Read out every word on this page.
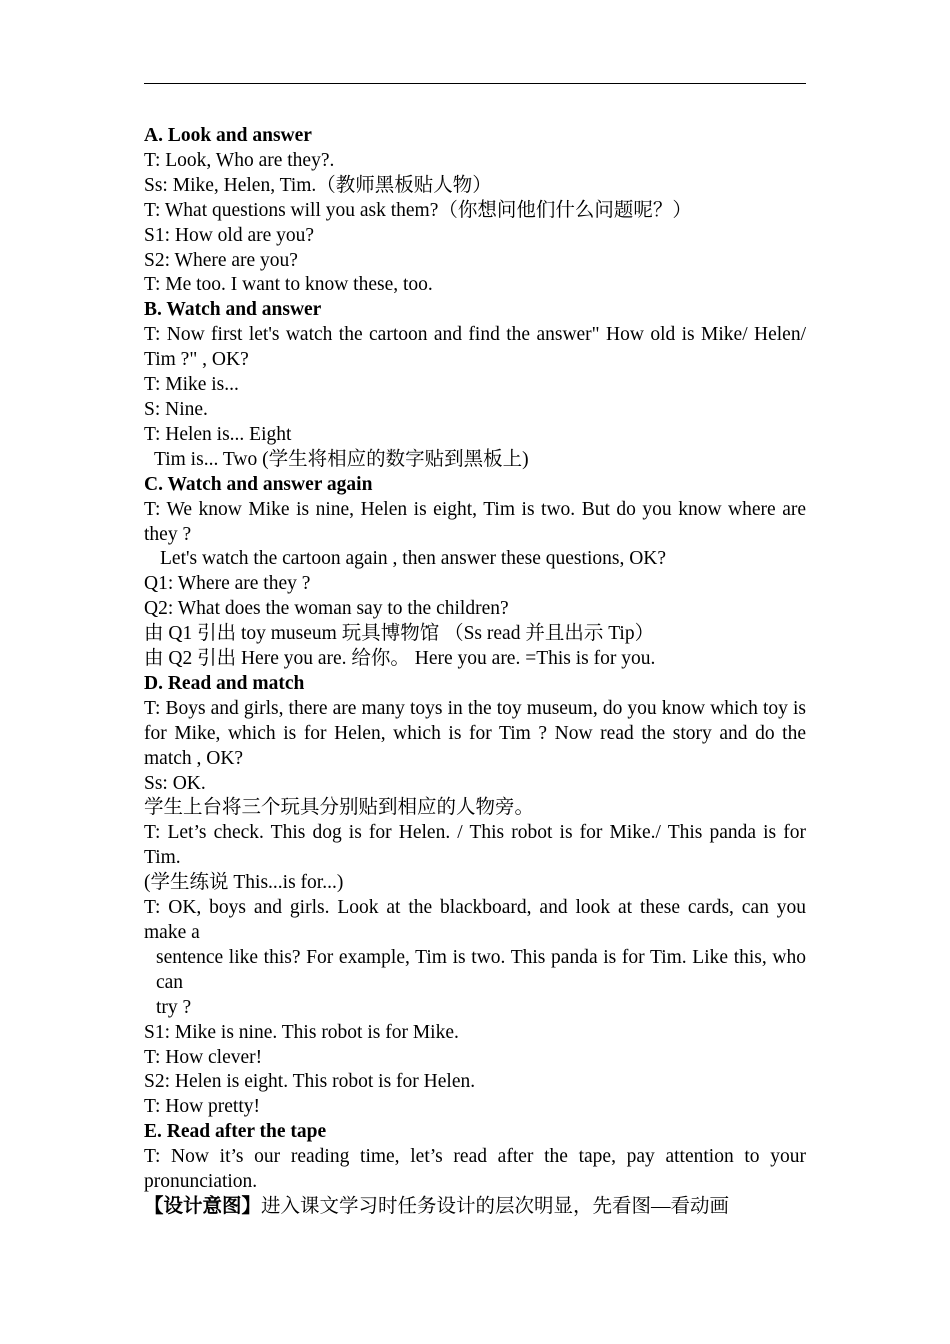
A. Look and answer
T: Look, Who are they?.
Ss: Mike, Helen, Tim.（教师黑板贴人物）
T: What questions will you ask them?（你想问他们什么问题呢？）
S1: How old are you?
S2: Where are you?
T: Me too. I want to know these, too.
B. Watch and answer
T: Now first let's watch the cartoon and find the answer" How old is Mike/ Helen/ Tim ?" , OK?
T: Mike is...
S: Nine.
T: Helen is... Eight
Tim is... Two (学生将相应的数字贴到黑板上)
C. Watch and answer again
T: We know Mike is nine, Helen is eight, Tim is two. But do you know where are they ?
Let's watch the cartoon again , then answer these questions, OK?
Q1: Where are they ?
Q2: What does the woman say to the children?
由 Q1 引出 toy museum 玩具博物馆 （Ss read 并且出示 Tip）
由 Q2 引出 Here you are. 给你。 Here you are. =This is for you.
D. Read and match
T: Boys and girls, there are many toys in the toy museum, do you know which toy is for Mike, which is for Helen, which is for Tim ? Now read the story and do the match , OK?
Ss: OK.
学生上台将三个玩具分别贴到相应的人物旁。
T: Let’s check. This dog is for Helen. / This robot is for Mike./ This panda is for Tim.
(学生练说 This...is for...)
T: OK, boys and girls. Look at the blackboard, and look at these cards, can you make a
sentence like this? For example, Tim is two. This panda is for Tim. Like this, who can
try ?
S1: Mike is nine. This robot is for Mike.
T: How clever!
S2: Helen is eight. This robot is for Helen.
T: How pretty!
E. Read after the tape
T: Now it’s our reading time, let’s read after the tape, pay attention to your pronunciation.
【设计意图】进入课文学习时任务设计的层次明显，先看图—看动画
